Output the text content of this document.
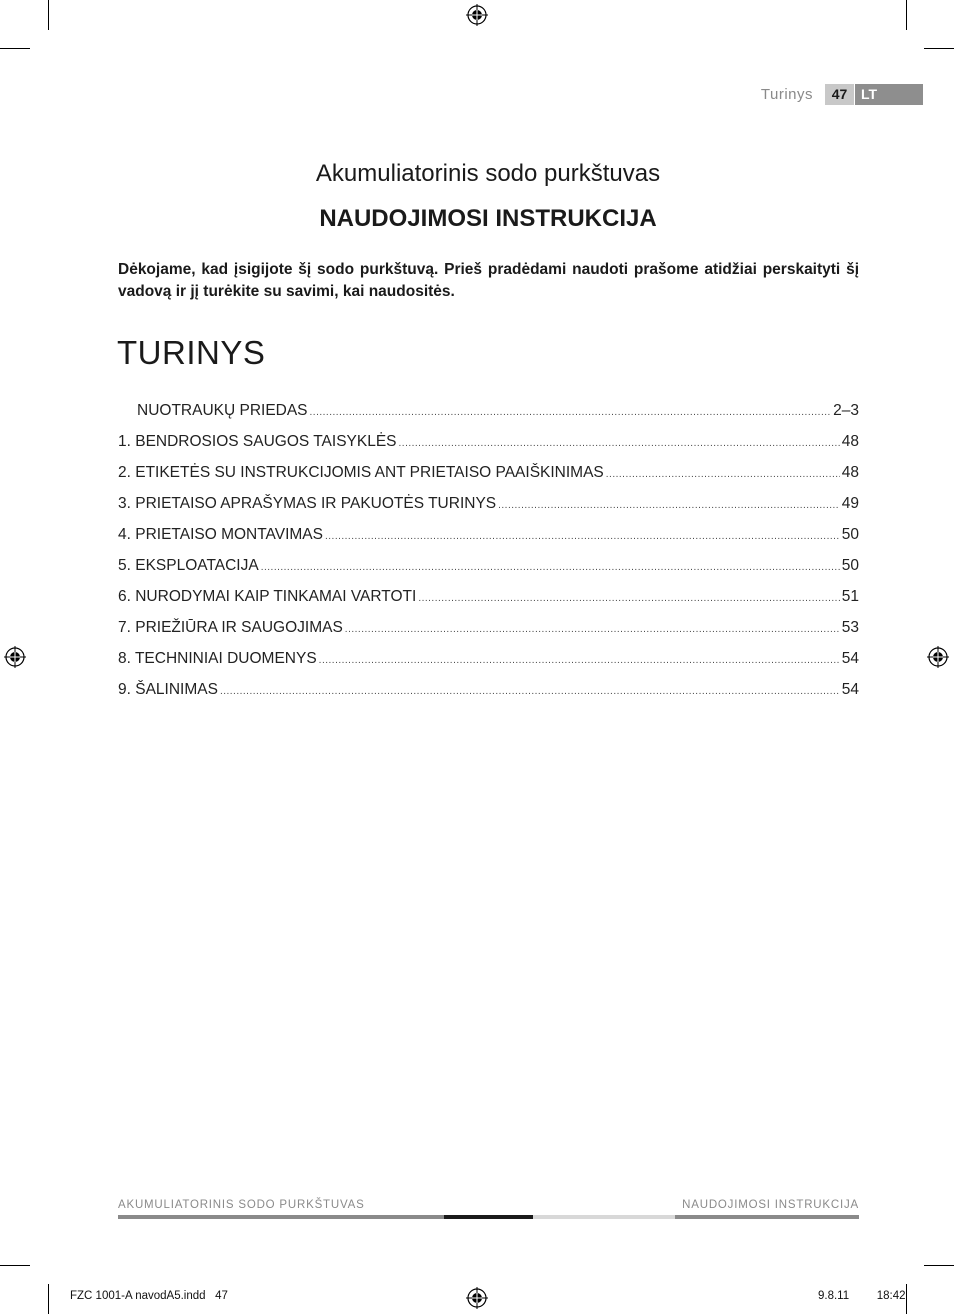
Turinys	47 LT
Akumuliatorinis sodo purkštuvas
NAUDOJIMOSI INSTRUKCIJA
Dėkojame, kad įsigijote šį sodo purkštuvą. Prieš pradėdami naudoti prašome atidžiai perskaityti šį vadovą ir jį turėkite su savimi, kai naudositės.
TURINYS
NUOTRAUKŲ PRIEDAS .....	2–3
1. BENDROSIOS SAUGOS TAISYKLĖS .....	48
2. ETIKETĖS SU INSTRUKCIJOMIS ANT PRIETAISO PAAIŠKINIMAS .....	48
3. PRIETAISO APRAŠYMAS IR PAKUOTĖS TURINYS .....	49
4. PRIETAISO MONTAVIMAS .....	50
5. EKSPLOATACIJA .....	50
6. NURODYMAI KAIP TINKAMAI VARTOTI .....	51
7. PRIEŽIŪRA IR SAUGOJIMAS .....	53
8. TECHNINIAI DUOMENYS .....	54
9. ŠALINIMAS .....	54
AKUMULIATORINIS SODO PURKŠTUVAS	NAUDOJIMOSI INSTRUKCIJA
FZC 1001-A navodA5.indd   47	9.8.11   18:42
